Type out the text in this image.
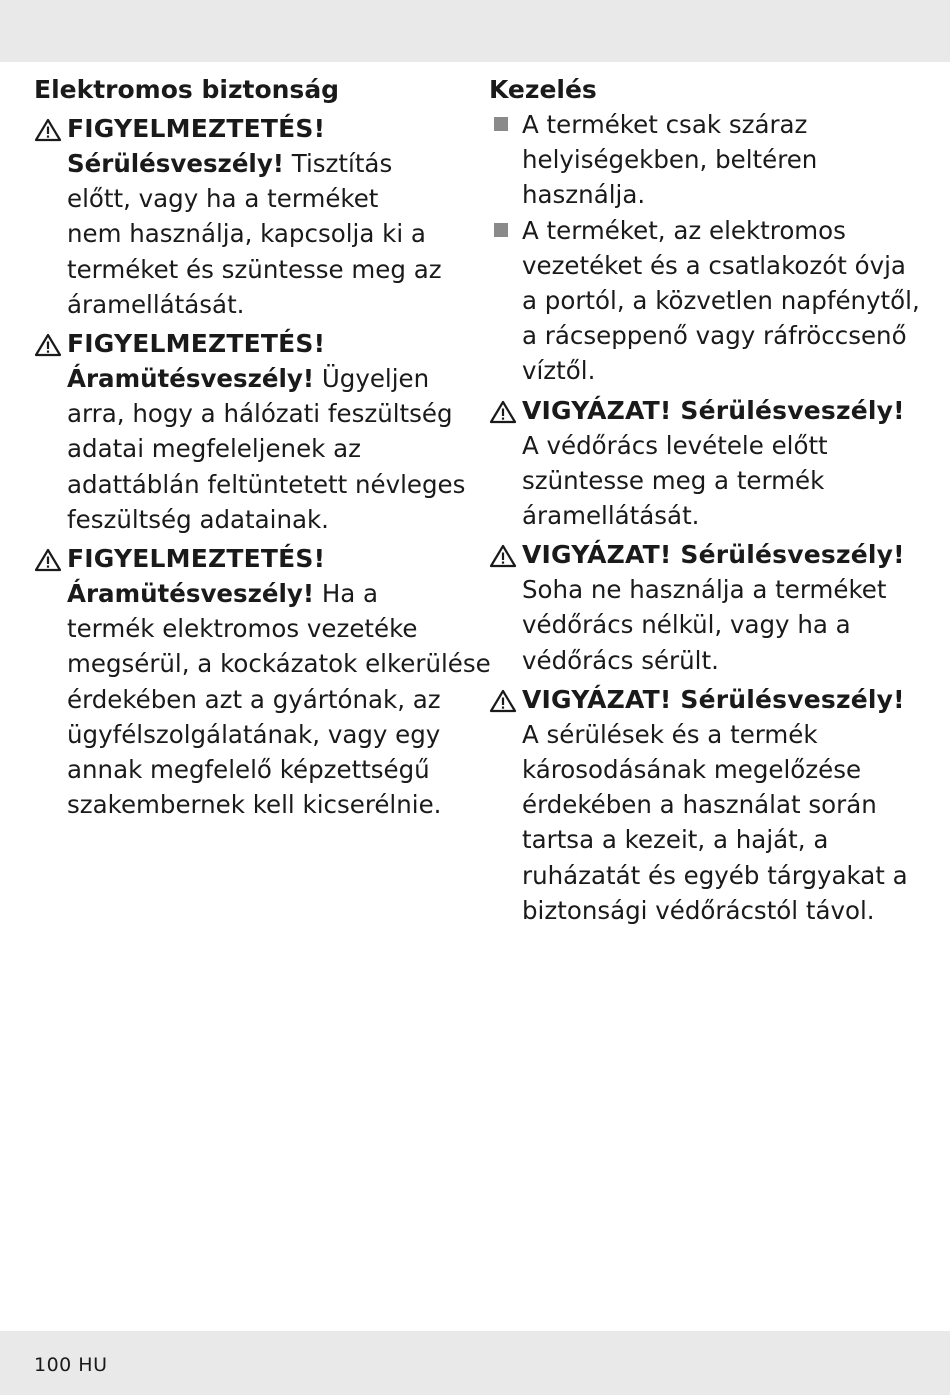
Elektromos biztonság
FIGYELMEZTETÉS!
Sérülésveszély! Tisztítás
előtt, vagy ha a terméket
nem használja, kapcsolja ki a
terméket és szüntesse meg az
áramellátását.
FIGYELMEZTETÉS!
Áramütésveszély! Ügyeljen
arra, hogy a hálózati feszültség
adatai megfeleljenek az
adattáblán feltüntetett névleges
feszültség adatainak.
FIGYELMEZTETÉS!
Áramütésveszély! Ha a
termék elektromos vezetéke
megsérül, a kockázatok elkerülése
érdekében azt a gyártónak, az
ügyfélszolgálatának, vagy egy
annak megfelelő képzettségű
szakembernek kell kicserélnie.
Kezelés
A terméket csak száraz
helyiségekben, beltéren
használja.
A terméket, az elektromos
vezetéket és a csatlakozót óvja
a portól, a közvetlen napfénytől,
a rácseppenő vagy ráfröccsenő
víztől.
VIGYÁZAT! Sérülésveszély!
A védőrács levétele előtt
szüntesse meg a termék
áramellátását.
VIGYÁZAT! Sérülésveszély!
Soha ne használja a terméket
védőrács nélkül, vagy ha a
védőrács sérült.
VIGYÁZAT! Sérülésveszély!
A sérülések és a termék
károsodásának megelőzése
érdekében a használat során
tartsa a kezeit, a haját, a
ruházatát és egyéb tárgyakat a
biztonsági védőrácstól távol.
100 HU
